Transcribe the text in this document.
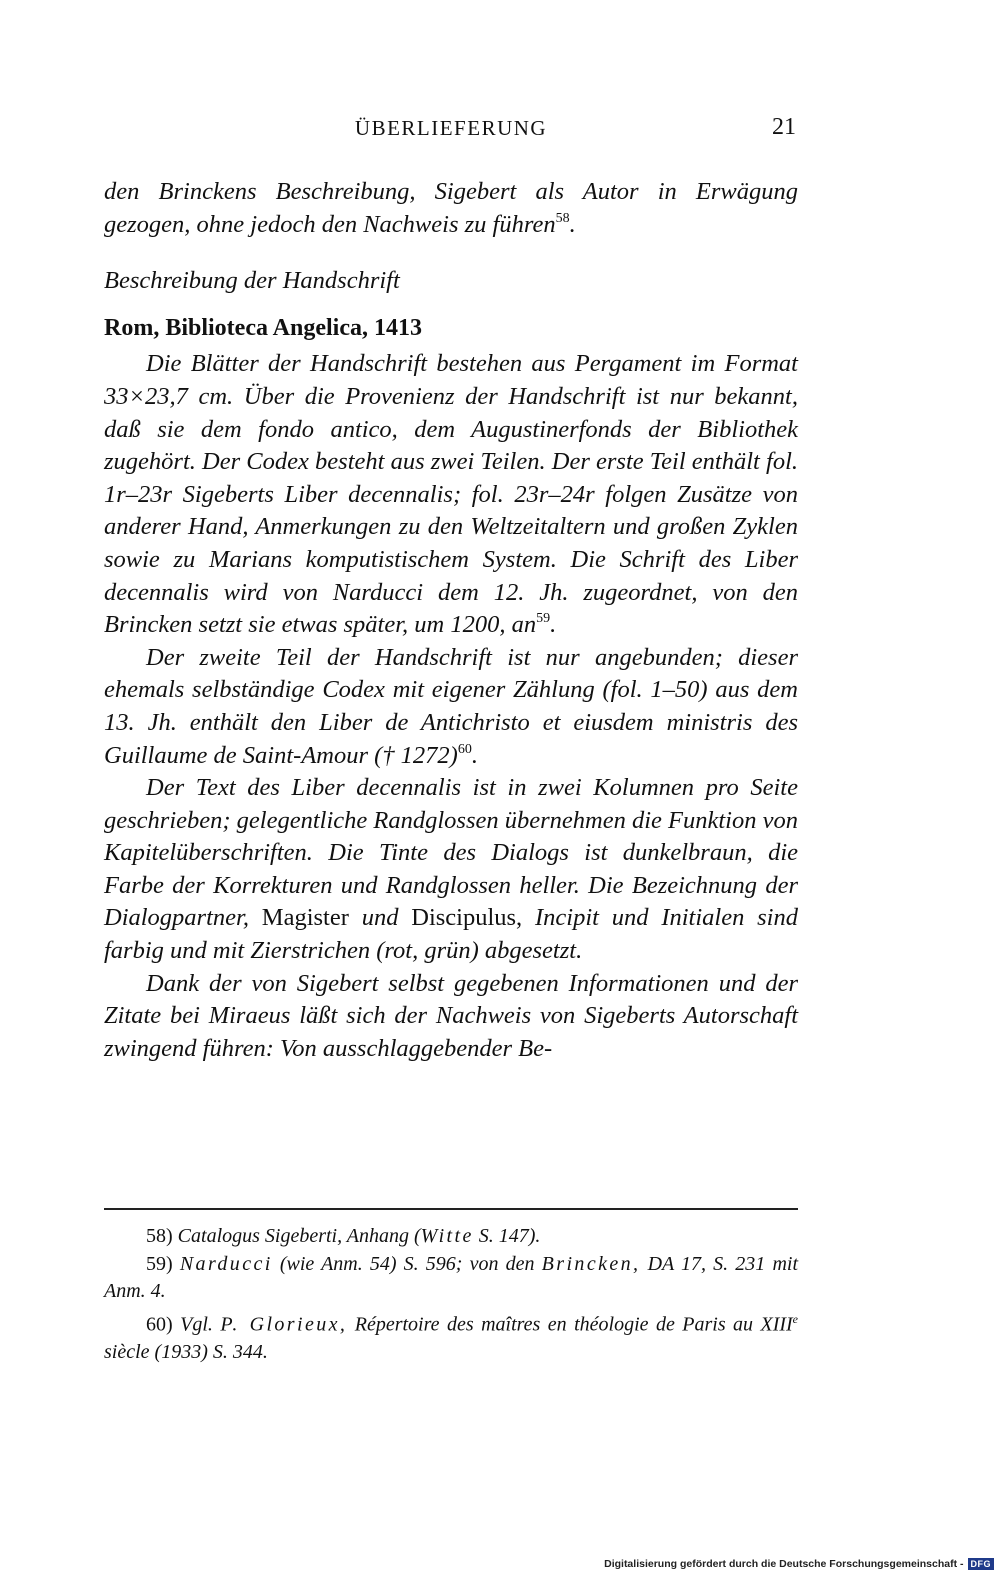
ÜBERLIEFERUNG	21

den Brinckens Beschreibung, Sigebert als Autor in Erwägung gezogen, ohne jedoch den Nachweis zu führen$^{58}$.

Beschreibung der Handschrift

Rom, Biblioteca Angelica, 1413

Die Blätter der Handschrift bestehen aus Pergament im Format 33×23,7 cm. Über die Provenienz der Handschrift ist nur bekannt, daß sie dem fondo antico, dem Augustinerfonds der Bibliothek zugehört. Der Codex besteht aus zwei Teilen. Der erste Teil enthält fol. 1r–23r Sigeberts Liber decennalis; fol. 23r–24r folgen Zusätze von anderer Hand, Anmerkungen zu den Weltzeitaltern und großen Zyklen sowie zu Marians komputistischem System. Die Schrift des Liber decennalis wird von Narducci dem 12. Jh. zugeordnet, von den Brincken setzt sie etwas später, um 1200, an$^{59}$.

Der zweite Teil der Handschrift ist nur angebunden; dieser ehemals selbständige Codex mit eigener Zählung (fol. 1–50) aus dem 13. Jh. enthält den Liber de Antichristo et eiusdem ministris des Guillaume de Saint-Amour († 1272)$^{60}$.

Der Text des Liber decennalis ist in zwei Kolumnen pro Seite geschrieben; gelegentliche Randglossen übernehmen die Funktion von Kapitelüberschriften. Die Tinte des Dialogs ist dunkelbraun, die Farbe der Korrekturen und Randglossen heller. Die Bezeichnung der Dialogpartner, Magister und Discipulus, Incipit und Initialen sind farbig und mit Zierstrichen (rot, grün) abgesetzt.

Dank der von Sigebert selbst gegebenen Informationen und der Zitate bei Miraeus läßt sich der Nachweis von Sigeberts Autorschaft zwingend führen: Von ausschlaggebender Be-

58) Catalogus Sigeberti, Anhang (Witte S. 147).

59) Narducci (wie Anm. 54) S. 596; von den Brincken, DA 17, S. 231 mit Anm. 4.

60) Vgl. P. Glorieux, Répertoire des maîtres en théologie de Paris au XIIIe siècle (1933) S. 344.

Digitalisierung gefördert durch die Deutsche Forschungsgemeinschaft - DFG
